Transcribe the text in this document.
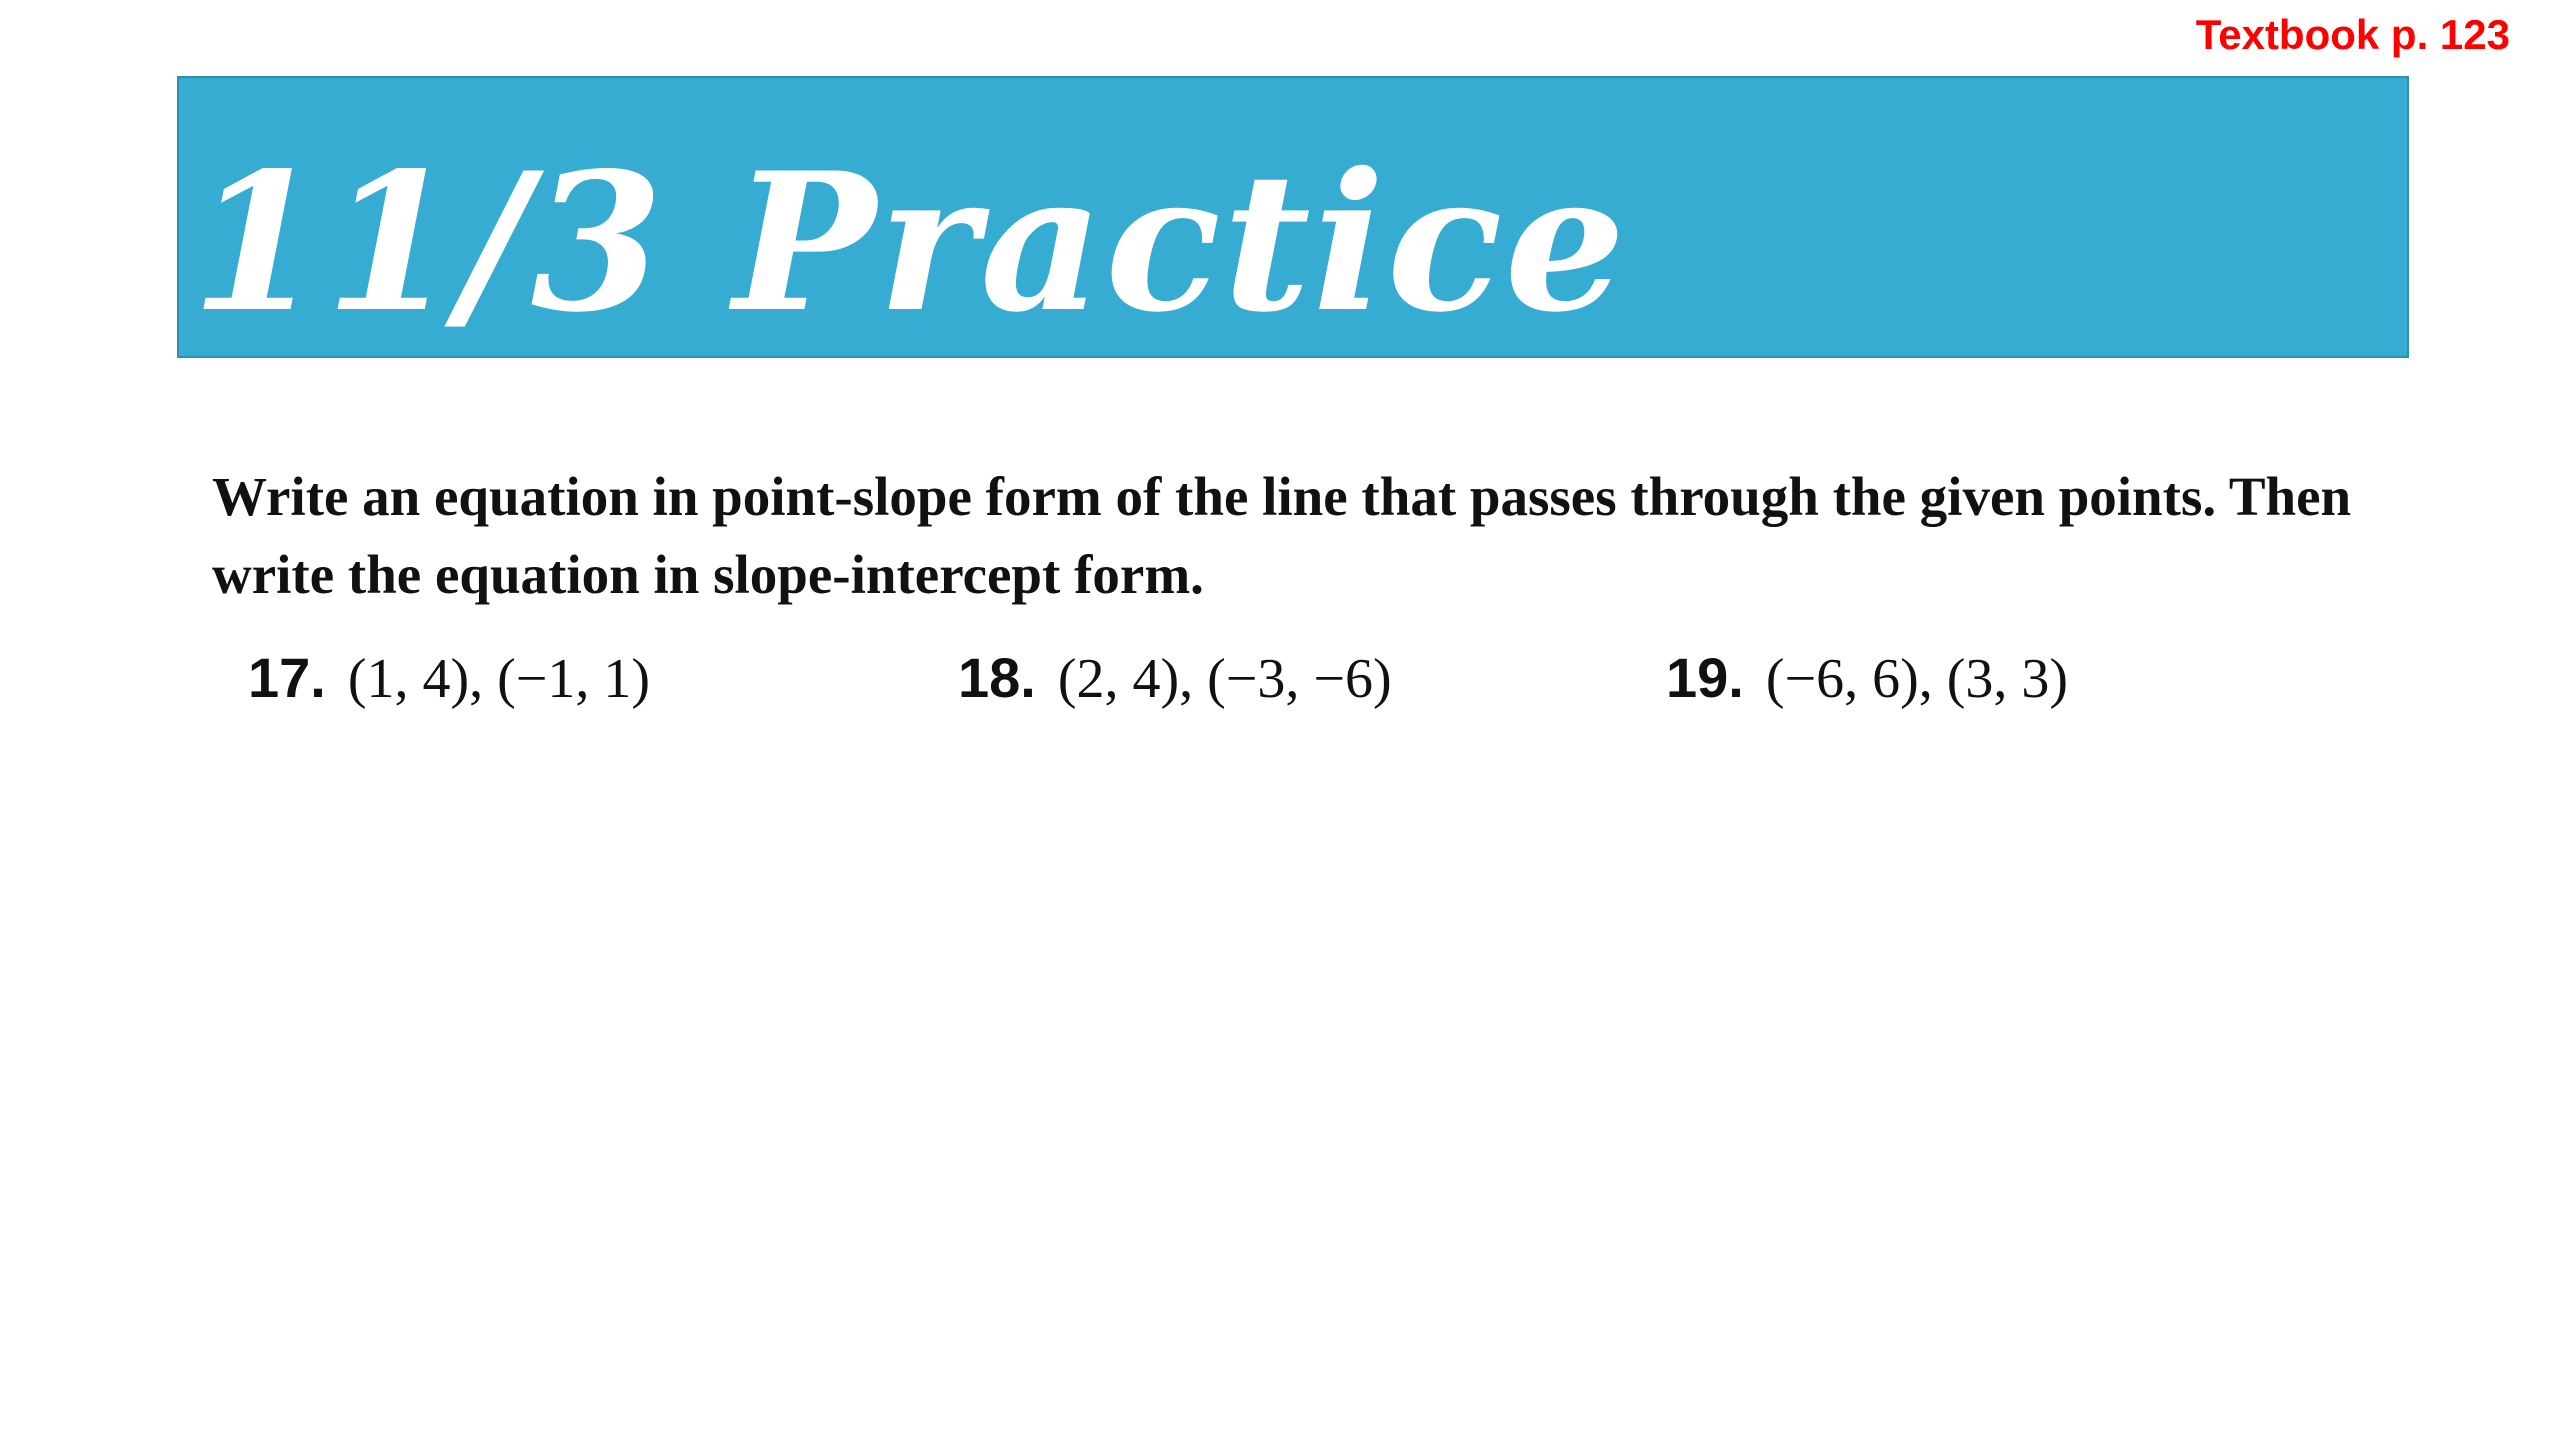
Textbook p. 123
11/3 Practice
Write an equation in point-slope form of the line that passes through the given points. Then write the equation in slope-intercept form.
17. (1, 4), (−1, 1)	18. (2, 4), (−3, −6)	19. (−6, 6), (3, 3)
